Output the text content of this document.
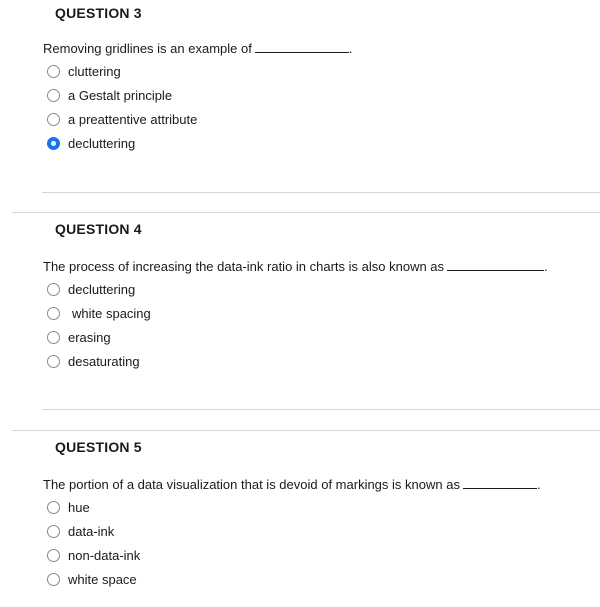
QUESTION 3
Removing gridlines is an example of	.
cluttering
a Gestalt principle
a preattentive attribute
decluttering
QUESTION 4
The process of increasing the data-ink ratio in charts is also known as	.
decluttering
white spacing
erasing
desaturating
QUESTION 5
The portion of a data visualization that is devoid of markings is known as	.
hue
data-ink
non-data-ink
white space
